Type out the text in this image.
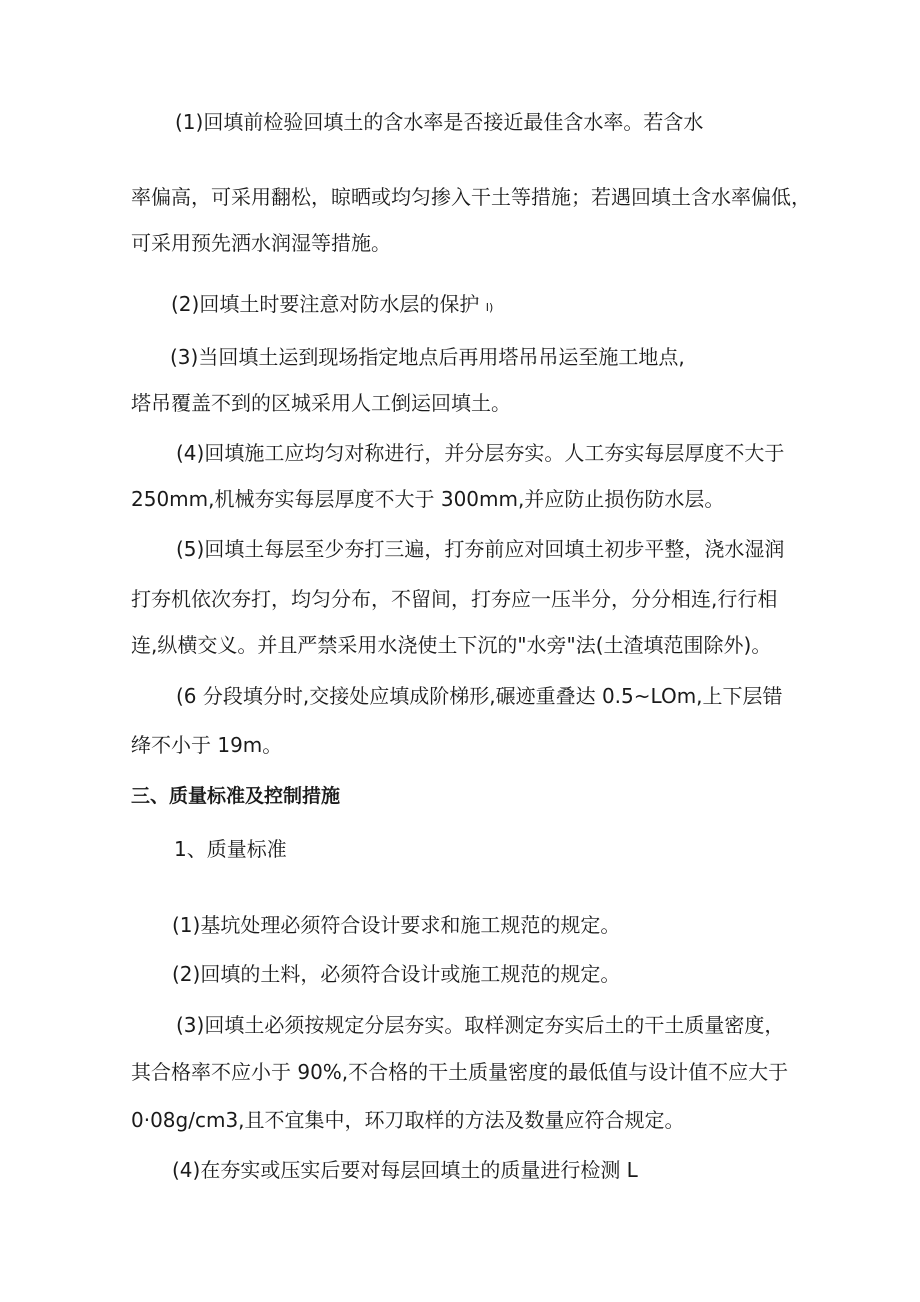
(1)回填前检验回填土的含水率是否接近最佳含水率。若含水
率偏高，可采用翻松，晾晒或均匀掺入干土等措施；若遇回填土含水率偏低，
可采用预先洒水润湿等措施。
(2)回填土时要注意对防水层的保护 I)
(3)当回填土运到现场指定地点后再用塔吊吊运至施工地点,
塔吊覆盖不到的区城采用人工倒运回填土。
(4)回填施工应均匀对称进行，并分层夯实。人工夯实每层厚度不大于
250mm,机械夯实每层厚度不大于 300mm,并应防止损伤防水层。
(5)回填土每层至少夯打三遍，打夯前应对回填土初步平整，浇水湿润
打夯机依次夯打，均匀分布，不留间，打夯应一压半分，分分相连,行行相
连,纵横交义。并且严禁采用水浇使土下沉的"水旁"法(土渣填范围除外)。
(6 分段填分时,交接处应填成阶梯形,碾迹重叠达 0.5~LOm,上下层错
绛不小于 19m。
三、质量标准及控制措施
1、质量标准
(1)基坑处理必须符合设计要求和施工规范的规定。
(2)回填的土料，必须符合设计或施工规范的规定。
(3)回填土必须按规定分层夯实。取样测定夯实后土的干土质量密度，
其合格率不应小于 90%,不合格的干土质量密度的最低值与设计值不应大于
0·08g/cm3,且不宜集中，环刀取样的方法及数量应符合规定。
(4)在夯实或压实后要对每层回填土的质量进行检测 L
